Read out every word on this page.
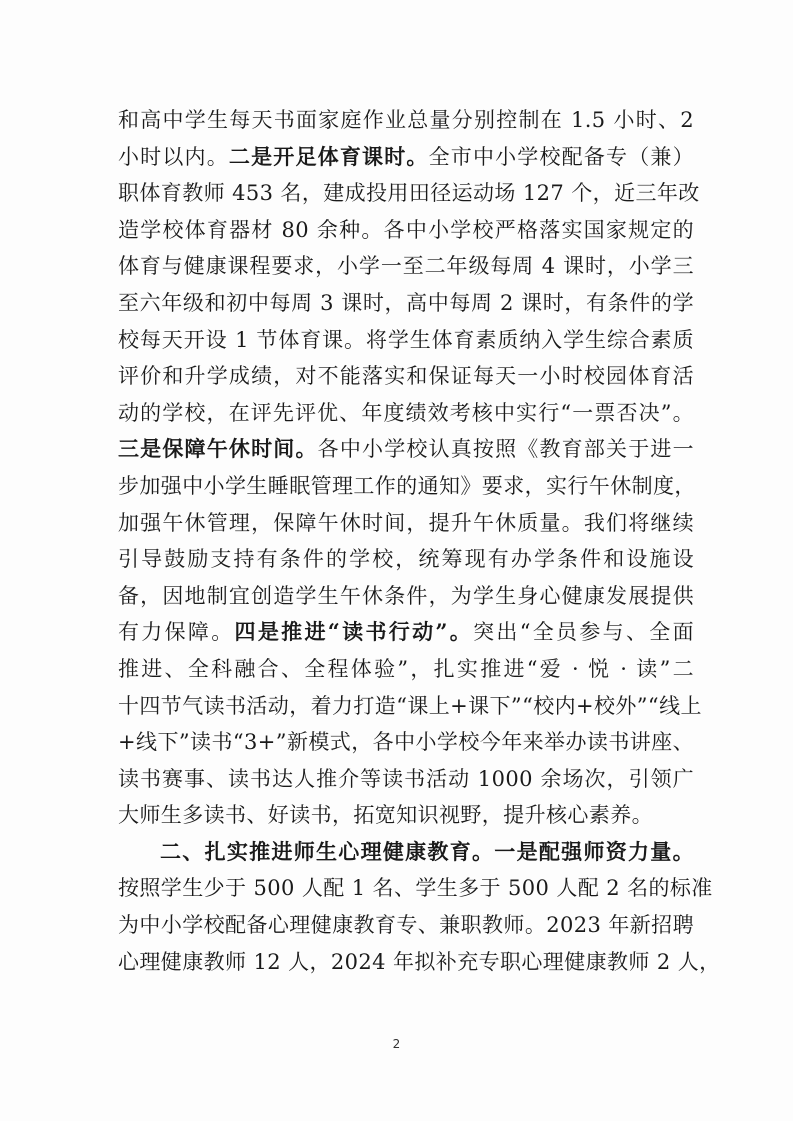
和高中学生每天书面家庭作业总量分别控制在 1.5 小时、2
小时以内。二是开足体育课时。全市中小学校配备专（兼）
职体育教师 453 名，建成投用田径运动场 127 个，近三年改
造学校体育器材 80 余种。各中小学校严格落实国家规定的
体育与健康课程要求，小学一至二年级每周 4 课时，小学三
至六年级和初中每周 3 课时，高中每周 2 课时，有条件的学
校每天开设 1 节体育课。将学生体育素质纳入学生综合素质
评价和升学成绩，对不能落实和保证每天一小时校园体育活
动的学校，在评先评优、年度绩效考核中实行“一票否决”。
三是保障午休时间。各中小学校认真按照《教育部关于进一
步加强中小学生睡眠管理工作的通知》要求，实行午休制度，
加强午休管理，保障午休时间，提升午休质量。我们将继续
引导鼓励支持有条件的学校，统筹现有办学条件和设施设
备，因地制宜创造学生午休条件，为学生身心健康发展提供
有力保障。四是推进“读书行动”。突出“全员参与、全面
推进、全科融合、全程体验”，扎实推进“爱 · 悦 · 读”二
十四节气读书活动，着力打造“课上+课下”“校内+校外”“线上
+线下”读书“3+”新模式，各中小学校今年来举办读书讲座、
读书赛事、读书达人推介等读书活动 1000 余场次，引领广
大师生多读书、好读书，拓宽知识视野，提升核心素养。
二、扎实推进师生心理健康教育。一是配强师资力量。
按照学生少于 500 人配 1 名、学生多于 500 人配 2 名的标准
为中小学校配备心理健康教育专、兼职教师。2023 年新招聘
心理健康教师 12 人，2024 年拟补充专职心理健康教师 2 人，
2
